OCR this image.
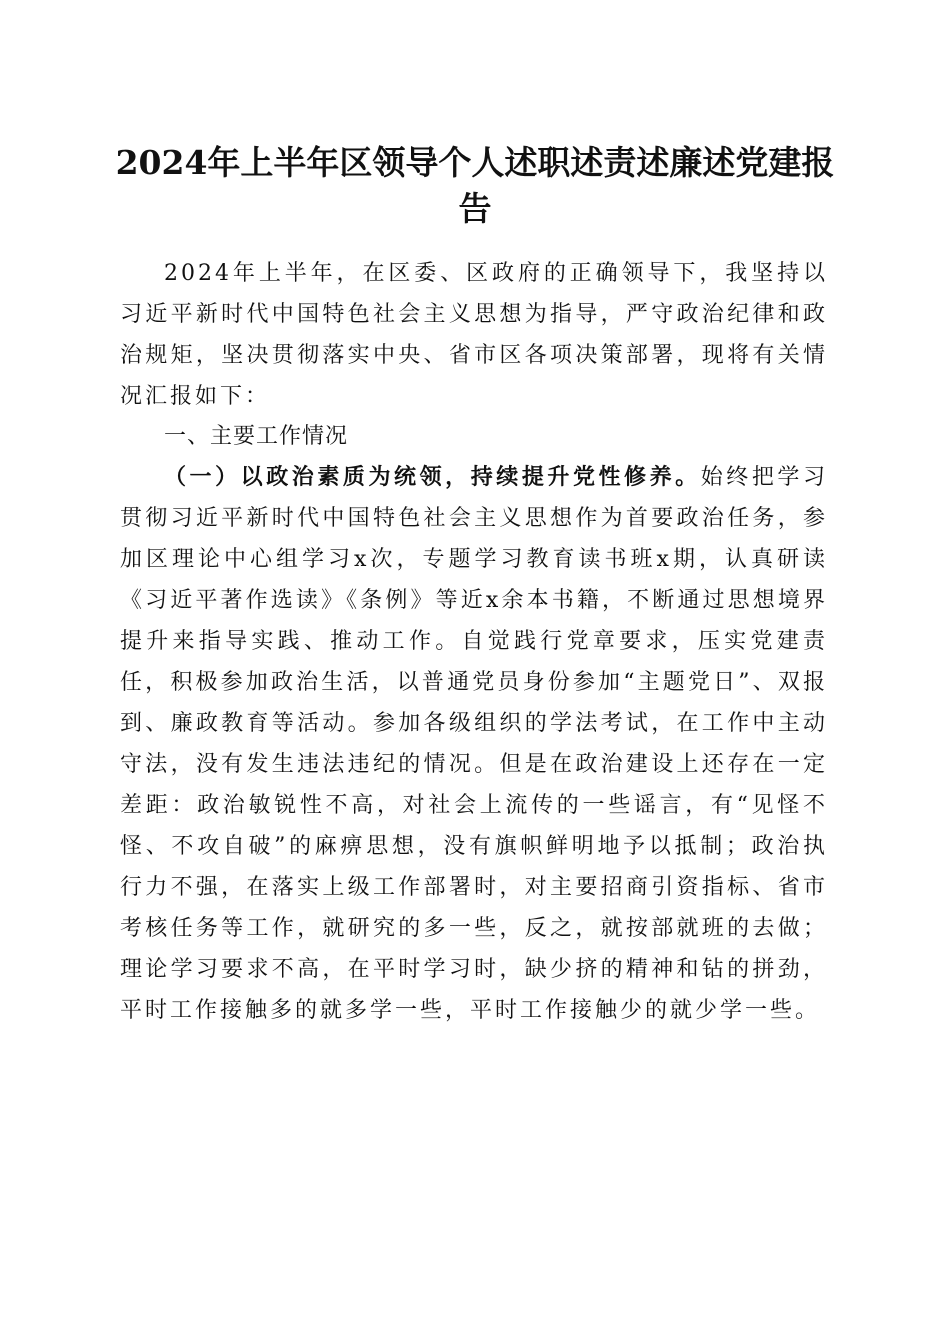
2024年上半年区领导个人述职述责述廉述党建报告

2024年上半年，在区委、区政府的正确领导下，我坚持以习近平新时代中国特色社会主义思想为指导，严守政治纪律和政治规矩，坚决贯彻落实中央、省市区各项决策部署，现将有关情况汇报如下：

一、主要工作情况

（一）以政治素质为统领，持续提升党性修养。始终把学习贯彻习近平新时代中国特色社会主义思想作为首要政治任务，参加区理论中心组学习x次，专题学习教育读书班x期，认真研读《习近平著作选读》《条例》等近x余本书籍，不断通过思想境界提升来指导实践、推动工作。自觉践行党章要求，压实党建责任，积极参加政治生活，以普通党员身份参加“主题党日”、双报到、廉政教育等活动。参加各级组织的学法考试，在工作中主动守法，没有发生违法违纪的情况。但是在政治建设上还存在一定差距：政治敏锐性不高，对社会上流传的一些谣言，有“见怪不怪、不攻自破”的麻痹思想，没有旗帜鲜明地予以抵制；政治执行力不强，在落实上级工作部署时，对主要招商引资指标、省市考核任务等工作，就研究的多一些，反之，就按部就班的去做；理论学习要求不高，在平时学习时，缺少挤的精神和钻的拼劲，平时工作接触多的就多学一些，平时工作接触少的就少学一些。
